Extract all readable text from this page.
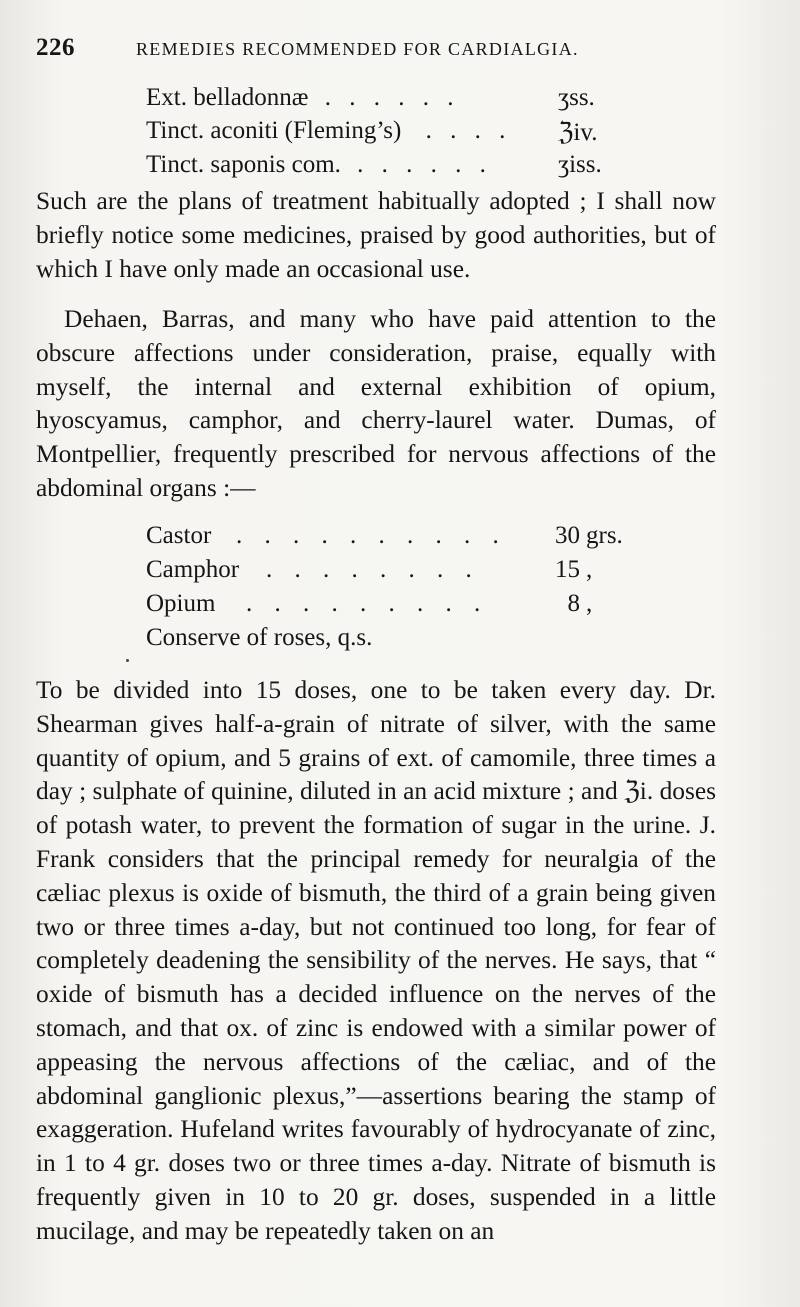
226	REMEDIES RECOMMENDED FOR CARDIALGIA.
Ext. belladonnæ . . . . . .	ʒss.
Tinct. aconiti (Fleming’s) . . . . ℨiv.
Tinct. saponis com. . . . . . .	ʒiss.

Such are the plans of treatment habitually adopted ; I shall now briefly notice some medicines, praised by good authorities, but of which I have only made an occasional use.

Dehaen, Barras, and many who have paid attention to the obscure affections under consideration, praise, equally with myself, the internal and external exhibition of opium, hyoscyamus, camphor, and cherry-laurel water. Dumas, of Montpellier, frequently prescribed for nervous affections of the abdominal organs :—

Castor . . . . . . . . . . 30 grs.
Camphor . . . . . . . .	15 ,
Opium . . . . . . . . .	8 ,
Conserve of roses, q.s.

To be divided into 15 doses, one to be taken every day. Dr. Shearman gives half-a-grain of nitrate of silver, with the same quantity of opium, and 5 grains of ext. of camomile, three times a day ; sulphate of quinine, diluted in an acid mixture ; and ℨi. doses of potash water, to prevent the formation of sugar in the urine. J. Frank considers that the principal remedy for neuralgia of the cæliac plexus is oxide of bismuth, the third of a grain being given two or three times a-day, but not continued too long, for fear of completely deadening the sensibility of the nerves. He says, that “ oxide of bismuth has a decided influence on the nerves of the stomach, and that ox. of zinc is endowed with a similar power of appeasing the nervous affections of the cæliac, and of the abdominal ganglionic plexus,”—assertions bearing the stamp of exaggeration. Hufeland writes favourably of hydrocyanate of zinc, in 1 to 4 gr. doses two or three times a-day. Nitrate of bismuth is frequently given in 10 to 20 gr. doses, suspended in a little mucilage, and may be repeatedly taken on an
